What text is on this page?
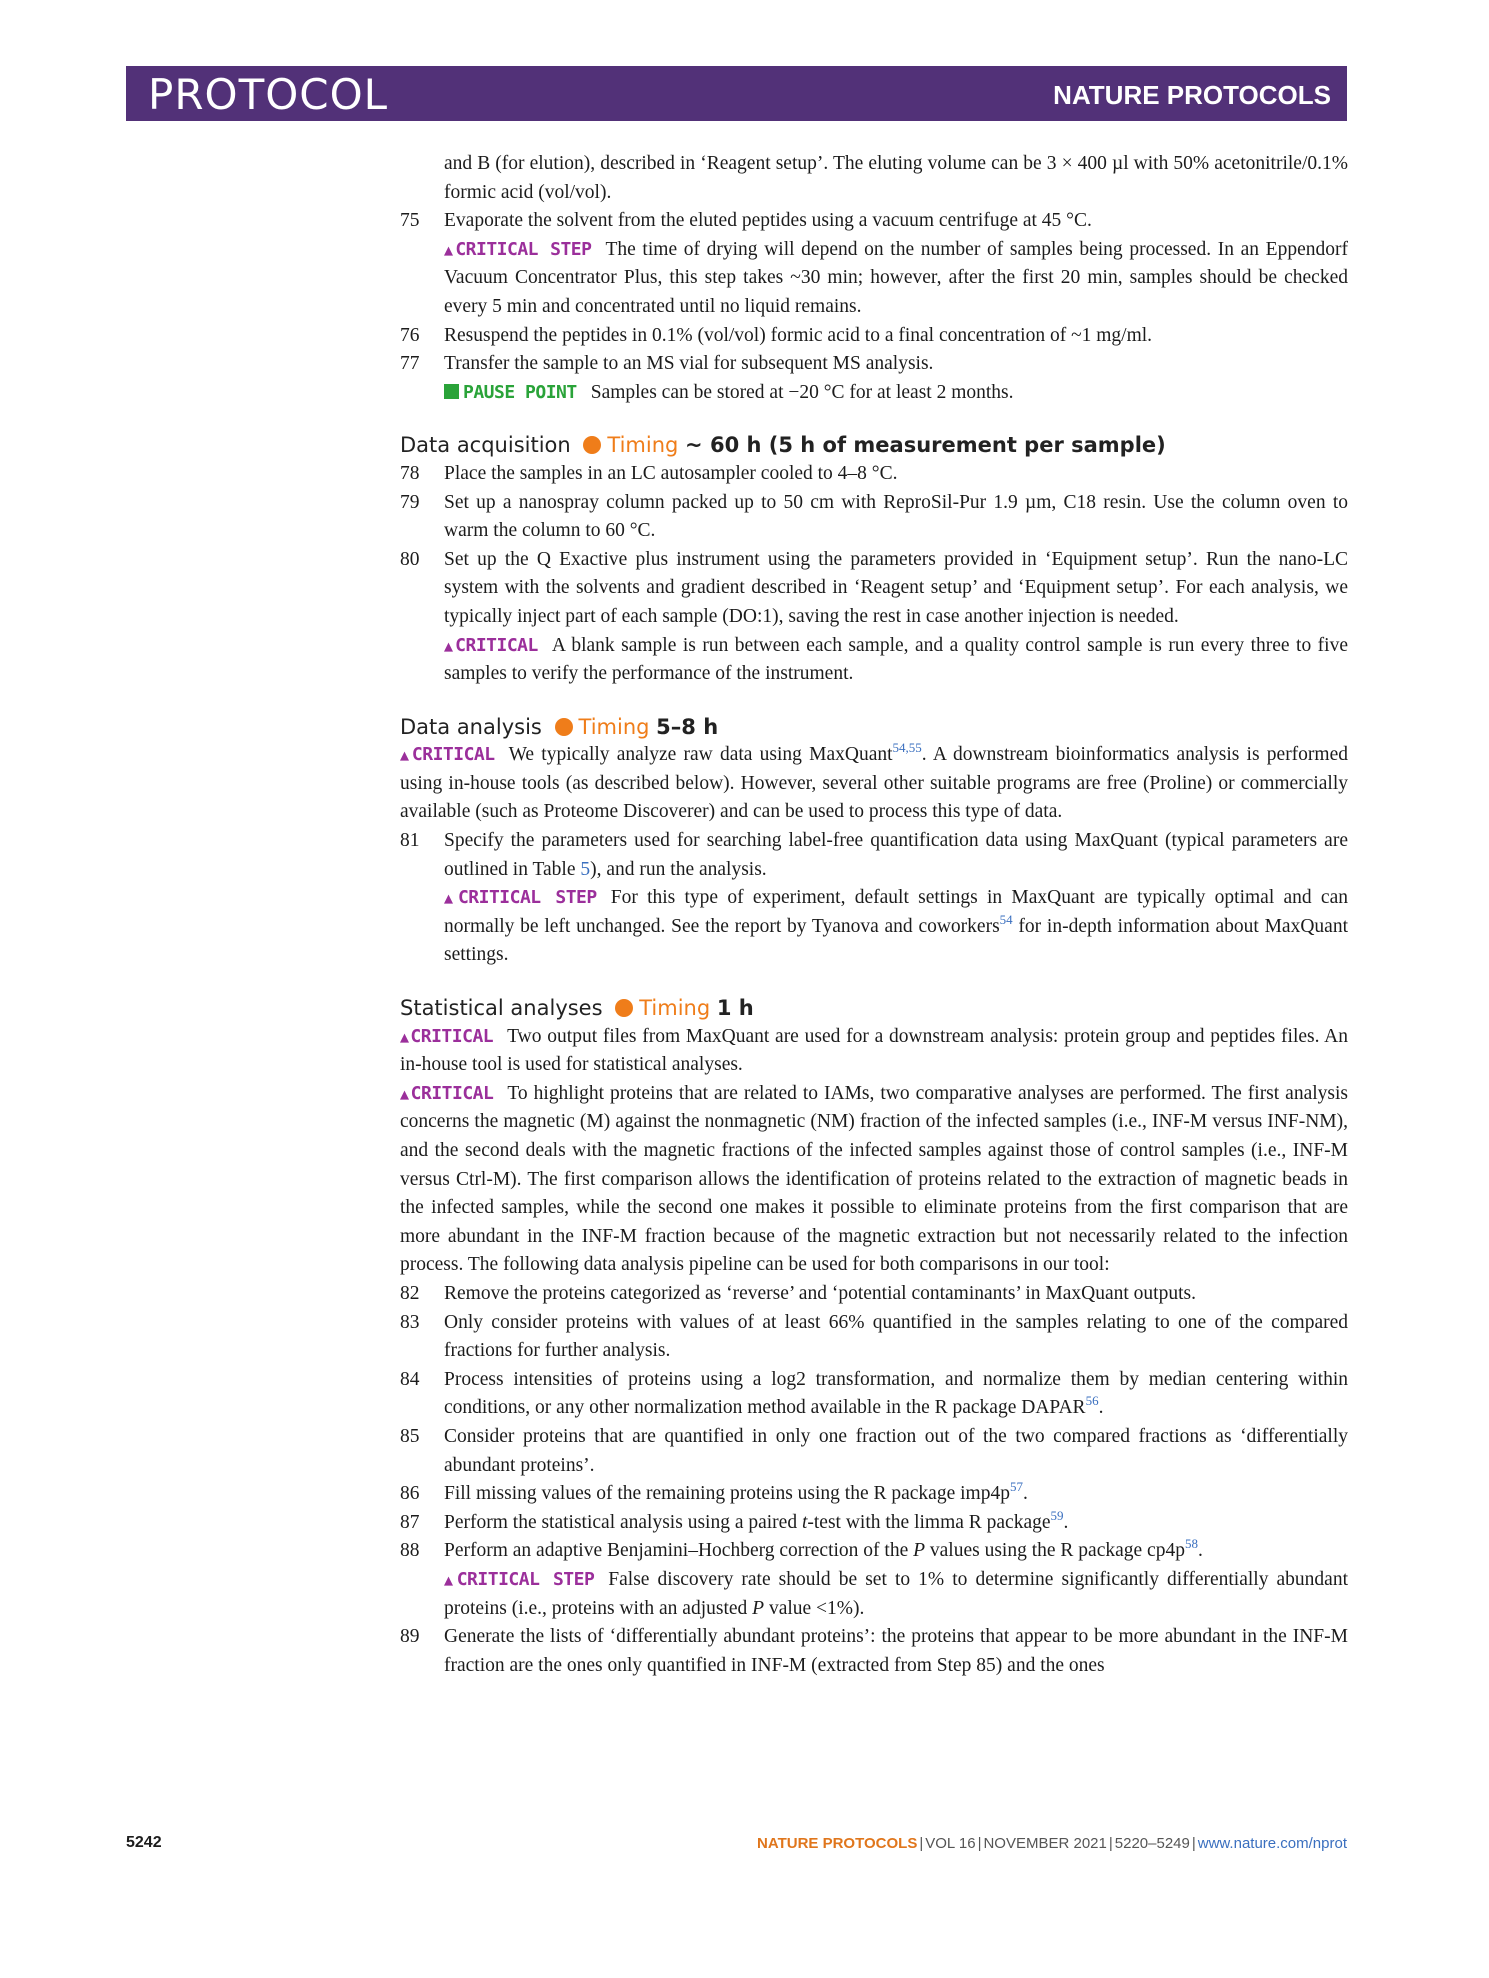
PROTOCOL	NATURE PROTOCOLS
and B (for elution), described in ‘Reagent setup’. The eluting volume can be 3 × 400 µl with 50% acetonitrile/0.1% formic acid (vol/vol).
75	Evaporate the solvent from the eluted peptides using a vacuum centrifuge at 45 °C.
▲CRITICAL STEP The time of drying will depend on the number of samples being processed. In an Eppendorf Vacuum Concentrator Plus, this step takes ~30 min; however, after the first 20 min, samples should be checked every 5 min and concentrated until no liquid remains.
76	Resuspend the peptides in 0.1% (vol/vol) formic acid to a final concentration of ~1 mg/ml.
77	Transfer the sample to an MS vial for subsequent MS analysis.
PAUSE POINT Samples can be stored at −20 °C for at least 2 months.
Data acquisition Timing ~ 60 h (5 h of measurement per sample)
78	Place the samples in an LC autosampler cooled to 4–8 °C.
79	Set up a nanospray column packed up to 50 cm with ReproSil-Pur 1.9 µm, C18 resin. Use the column oven to warm the column to 60 °C.
80	Set up the Q Exactive plus instrument using the parameters provided in ‘Equipment setup’. Run the nano-LC system with the solvents and gradient described in ‘Reagent setup’ and ‘Equipment setup’. For each analysis, we typically inject part of each sample (DO:1), saving the rest in case another injection is needed.
▲CRITICAL A blank sample is run between each sample, and a quality control sample is run every three to five samples to verify the performance of the instrument.
Data analysis Timing 5–8 h
▲CRITICAL We typically analyze raw data using MaxQuant$^{54,55}$. A downstream bioinformatics analysis is performed using in-house tools (as described below). However, several other suitable programs are free (Proline) or commercially available (such as Proteome Discoverer) and can be used to process this type of data.
81	Specify the parameters used for searching label-free quantification data using MaxQuant (typical parameters are outlined in Table 5), and run the analysis.
▲CRITICAL STEP For this type of experiment, default settings in MaxQuant are typically optimal and can normally be left unchanged. See the report by Tyanova and coworkers$^{54}$ for in-depth information about MaxQuant settings.
Statistical analyses Timing 1 h
▲CRITICAL Two output files from MaxQuant are used for a downstream analysis: protein group and peptides files. An in-house tool is used for statistical analyses.
▲CRITICAL To highlight proteins that are related to IAMs, two comparative analyses are performed. The first analysis concerns the magnetic (M) against the nonmagnetic (NM) fraction of the infected samples (i.e., INF-M versus INF-NM), and the second deals with the magnetic fractions of the infected samples against those of control samples (i.e., INF-M versus Ctrl-M). The first comparison allows the identification of proteins related to the extraction of magnetic beads in the infected samples, while the second one makes it possible to eliminate proteins from the first comparison that are more abundant in the INF-M fraction because of the magnetic extraction but not necessarily related to the infection process. The following data analysis pipeline can be used for both comparisons in our tool:
82	Remove the proteins categorized as ‘reverse’ and ‘potential contaminants’ in MaxQuant outputs.
83	Only consider proteins with values of at least 66% quantified in the samples relating to one of the compared fractions for further analysis.
84	Process intensities of proteins using a log2 transformation, and normalize them by median centering within conditions, or any other normalization method available in the R package DAPAR$^{56}$.
85	Consider proteins that are quantified in only one fraction out of the two compared fractions as ‘differentially abundant proteins’.
86	Fill missing values of the remaining proteins using the R package $imp4p^{57}$.
87	Perform the statistical analysis using a paired t-test with the limma R package$^{59}$.
88	Perform an adaptive Benjamini–Hochberg correction of the P values using the R package $cp4p^{58}$.
▲CRITICAL STEP False discovery rate should be set to 1% to determine significantly differentially abundant proteins (i.e., proteins with an adjusted P value <1%).
89	Generate the lists of ‘differentially abundant proteins’: the proteins that appear to be more abundant in the INF-M fraction are the ones only quantified in INF-M (extracted from Step 85) and the ones
5242	NATURE PROTOCOLS | VOL 16 | NOVEMBER 2021 | 5220–5249 | www.nature.com/nprot
